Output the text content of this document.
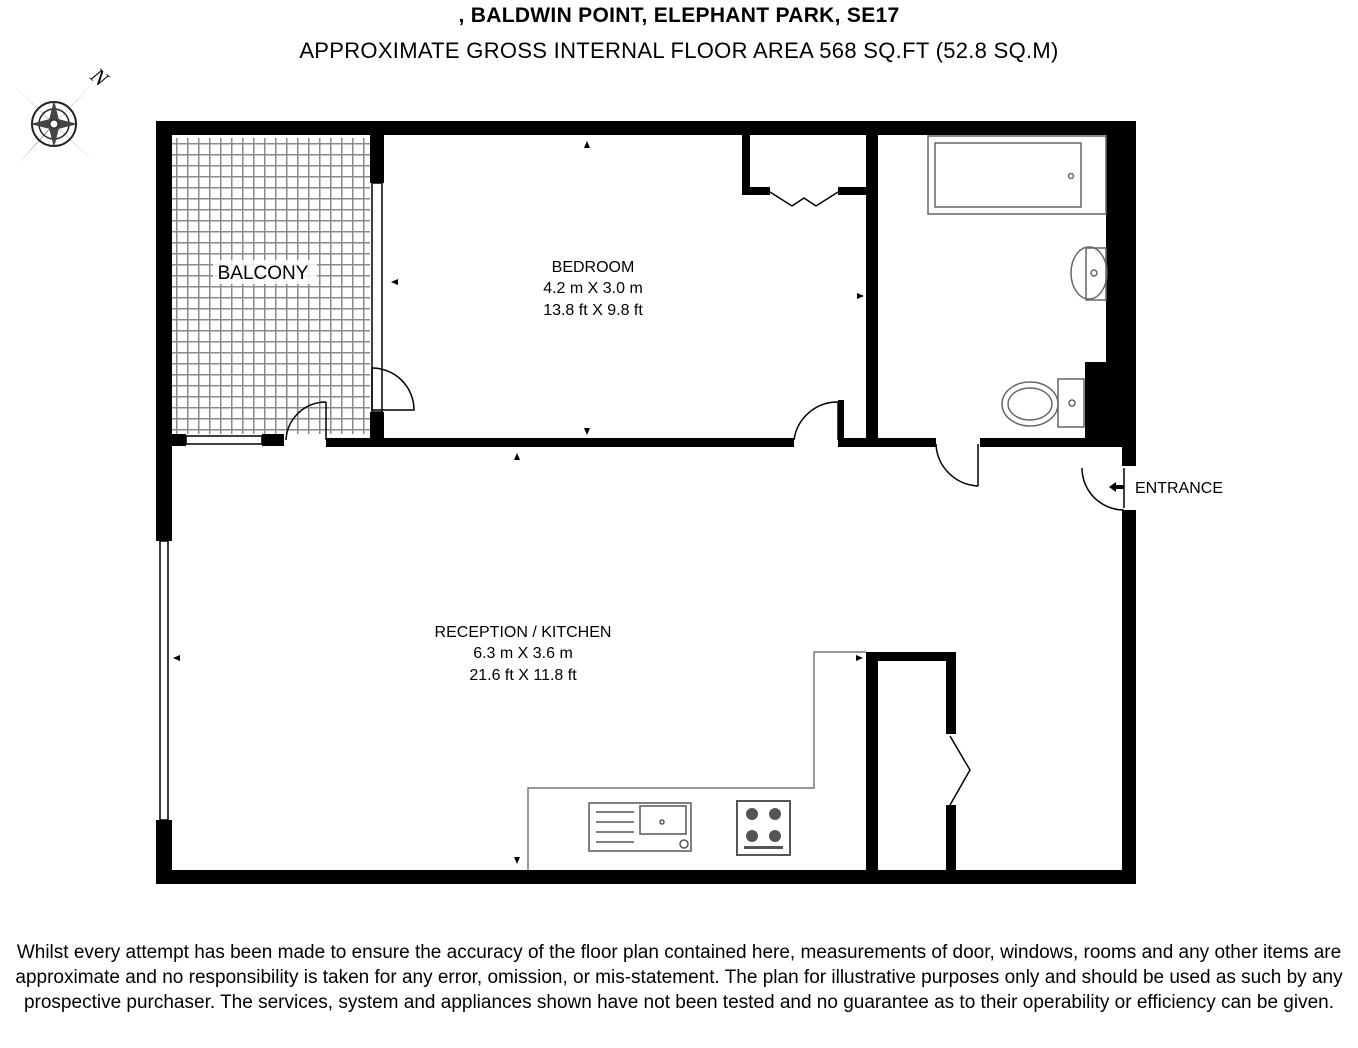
, BALDWIN POINT, ELEPHANT PARK, SE17
APPROXIMATE GROSS INTERNAL FLOOR AREA 568 SQ.FT (52.8 SQ.M)
N
BALCONY	BEDROOM
4.2 m X 3.0 m
13.8 ft X 9.8 ft
RECEPTION / KITCHEN
6.3 m X 3.6 m
21.6 ft X 11.8 ft
ENTRANCE
Whilst every attempt has been made to ensure the accuracy of the floor plan contained here, measurements of door, windows, rooms and any other items are approximate and no responsibility is taken for any error, omission, or mis-statement. The plan for illustrative purposes only and should be used as such by any prospective purchaser. The services, system and appliances shown have not been tested and no guarantee as to their operability or efficiency can be given.
